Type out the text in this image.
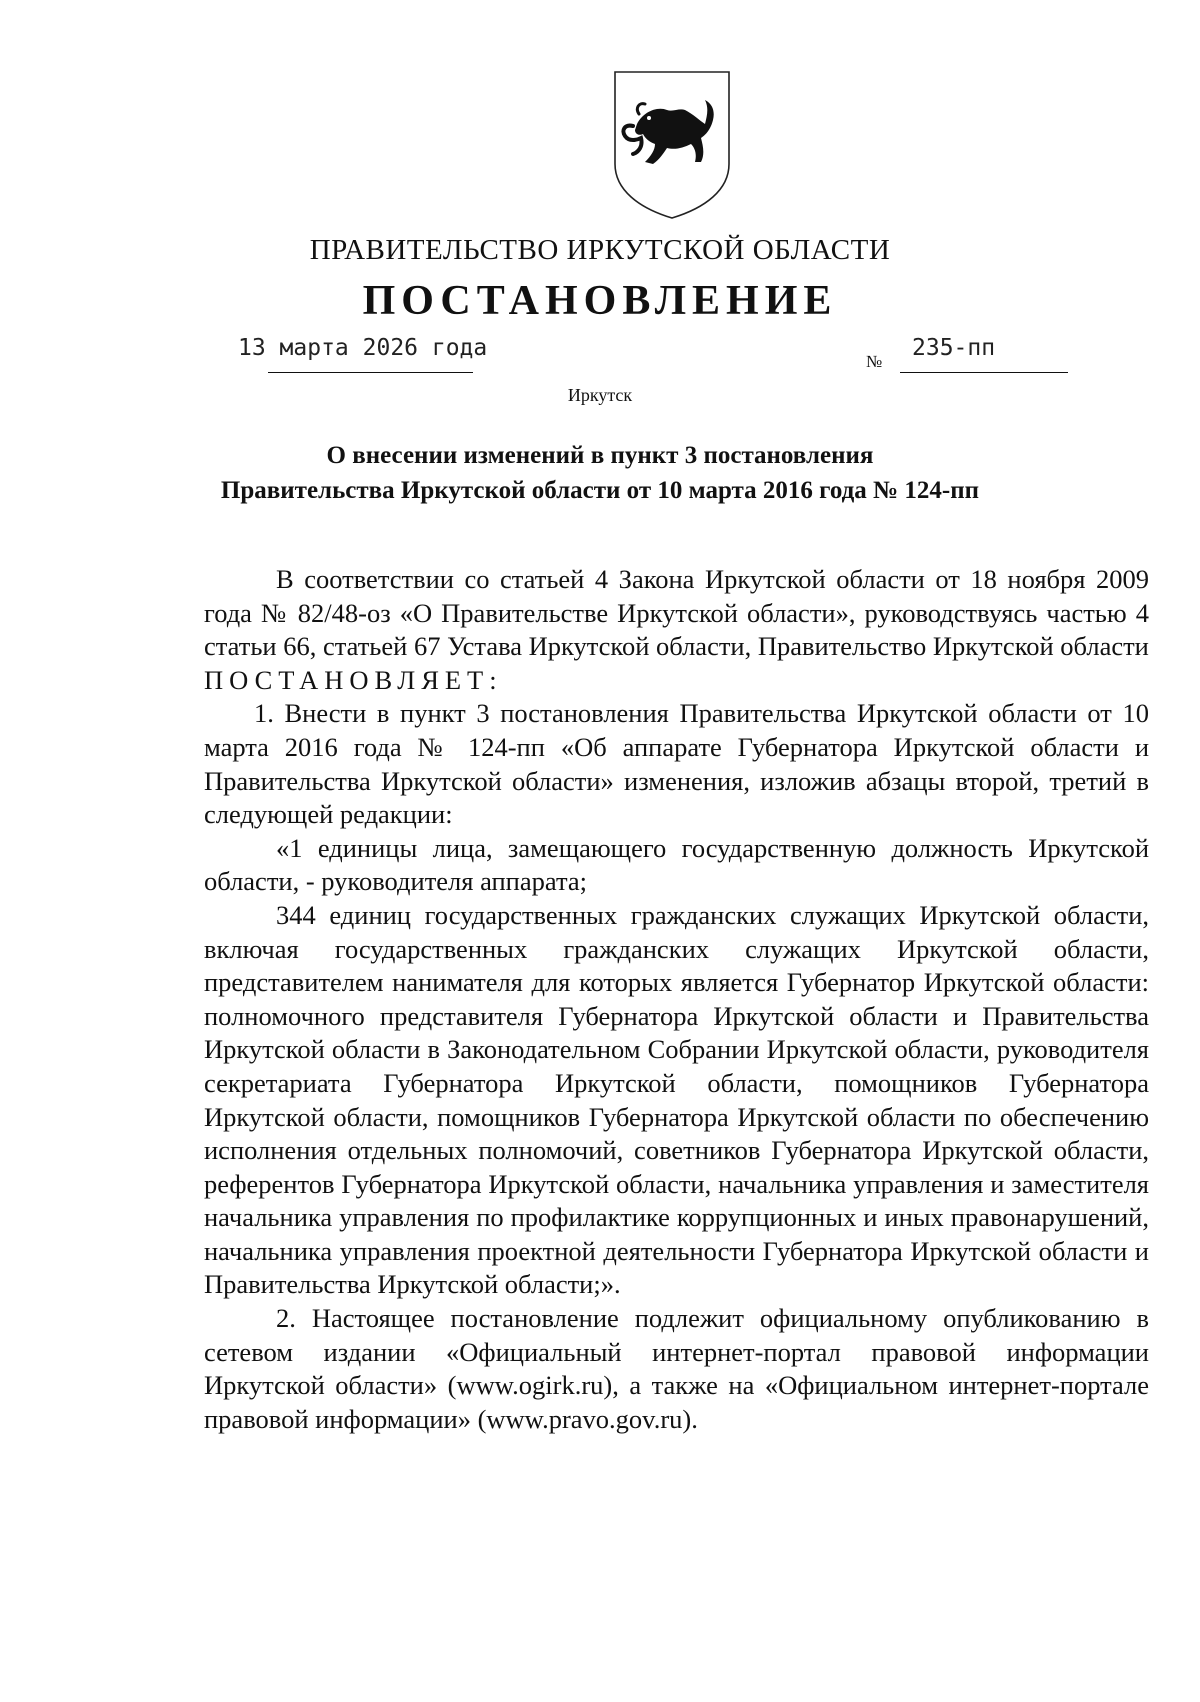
ПРАВИТЕЛЬСТВО ИРКУТСКОЙ ОБЛАСТИ
ПОСТАНОВЛЕНИЕ
13 марта 2026 года
№
235-пп
Иркутск
О внесении изменений в пункт 3 постановления
Правительства Иркутской области от 10 марта 2016 года № 124-пп

В соответствии со статьей 4 Закона Иркутской области от 18 ноября 2009 года № 82/48-оз «О Правительстве Иркутской области», руководствуясь частью 4 статьи 66, статьей 67 Устава Иркутской области, Правительство Иркутской области

ПОСТАНОВЛЯЕТ:

1. Внести в пункт 3 постановления Правительства Иркутской области от 10 марта 2016 года № 124-пп «Об аппарате Губернатора Иркутской области и Правительства Иркутской области» изменения, изложив абзацы второй, третий в следующей редакции:

«1 единицы лица, замещающего государственную должность Иркутской области, - руководителя аппарата;

344 единиц государственных гражданских служащих Иркутской области, включая государственных гражданских служащих Иркутской области, представителем нанимателя для которых является Губернатор Иркутской области: полномочного представителя Губернатора Иркутской области и Правительства Иркутской области в Законодательном Собрании Иркутской области, руководителя секретариата Губернатора Иркутской области, помощников Губернатора Иркутской области, помощников Губернатора Иркутской области по обеспечению исполнения отдельных полномочий, советников Губернатора Иркутской области, референтов Губернатора Иркутской области, начальника управления и заместителя начальника управления по профилактике коррупционных и иных правонарушений, начальника управления проектной деятельности Губернатора Иркутской области и Правительства Иркутской области;».

2. Настоящее постановление подлежит официальному опубликованию в сетевом издании «Официальный интернет-портал правовой информации Иркутской области» (www.ogirk.ru), а также на «Официальном интернет-портале правовой информации» (www.pravo.gov.ru).
